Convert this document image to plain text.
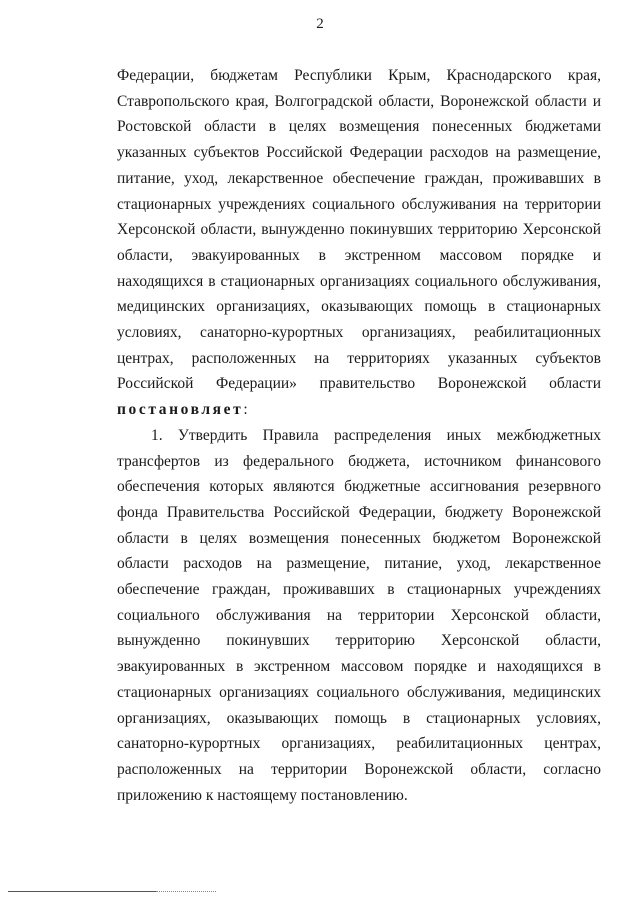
2

Федерации, бюджетам Республики Крым, Краснодарского края, Ставропольского края, Волгоградской области, Воронежской области и Ростовской области в целях возмещения понесенных бюджетами указанных субъектов Российской Федерации расходов на размещение, питание, уход, лекарственное обеспечение граждан, проживавших в стационарных учреждениях социального обслуживания на территории Херсонской области, вынужденно покинувших территорию Херсонской области, эвакуированных в экстренном массовом порядке и находящихся в стационарных организациях социального обслуживания, медицинских организациях, оказывающих помощь в стационарных условиях, санаторно-курортных организациях, реабилитационных центрах, расположенных на территориях указанных субъектов Российской Федерации» правительство Воронежской области постановляет:

1. Утвердить Правила распределения иных межбюджетных трансфертов из федерального бюджета, источником финансового обеспечения которых являются бюджетные ассигнования резервного фонда Правительства Российской Федерации, бюджету Воронежской области в целях возмещения понесенных бюджетом Воронежской области расходов на размещение, питание, уход, лекарственное обеспечение граждан, проживавших в стационарных учреждениях социального обслуживания на территории Херсонской области, вынужденно покинувших территорию Херсонской области, эвакуированных в экстренном массовом порядке и находящихся в стационарных организациях социального обслуживания, медицинских организациях, оказывающих помощь в стационарных условиях, санаторно-курортных организациях, реабилитационных центрах, расположенных на территории Воронежской области, согласно приложению к настоящему постановлению.
